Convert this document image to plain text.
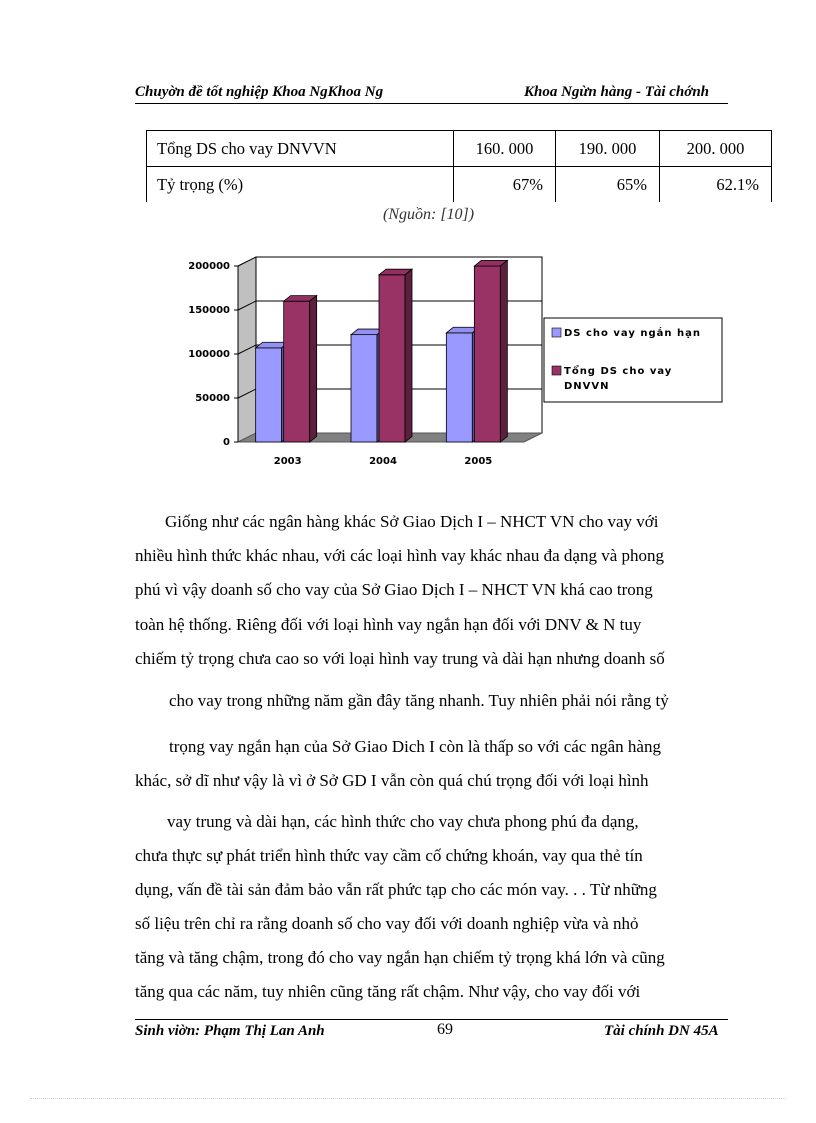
Chuyờn đề tốt nghiệp Khoa NgKhoa Ng	Khoa Ngừn hàng - Tài chớnh
Tổng DS cho vay DNVVN	160. 000	190. 000	200. 000
Tỷ trọng (%)	67%	65%	62.1%
(Nguồn: [10])
0
50000
100000
150000
200000
2003	2004	2005
DS cho vay ngắn hạn
Tổng DS cho vay
DNVVN
Giống như các ngân hàng khác Sở Giao Dịch I – NHCT VN cho vay với
nhiều hình thức khác nhau, với các loại hình vay khác nhau đa dạng và phong
phú vì vậy doanh số cho vay của Sở Giao Dịch I – NHCT VN khá cao trong
toàn hệ thống. Riêng đối với loại hình vay ngắn hạn đối với DNV & N tuy
chiếm tỷ trọng chưa cao so với loại hình vay trung và dài hạn nhưng doanh số
cho vay trong những năm gần đây tăng nhanh. Tuy nhiên phải nói rằng tỷ
trọng vay ngắn hạn của Sở Giao Dich I còn là thấp so với các ngân hàng
khác, sở dĩ như vậy là vì ở Sở GD I vẫn còn quá chú trọng đối với loại hình
vay trung và dài hạn, các hình thức cho vay chưa phong phú đa dạng,
chưa thực sự phát triển hình thức vay cầm cố chứng khoán, vay qua thẻ tín
dụng, vấn đề tài sản đảm bảo vẫn rất phức tạp cho các món vay. . . Từ những
số liệu trên chỉ ra rằng doanh số cho vay đối với doanh nghiệp vừa và nhỏ
tăng và tăng chậm, trong đó cho vay ngắn hạn chiếm tỷ trọng khá lớn và cũng
tăng qua các năm, tuy nhiên cũng tăng rất chậm. Như vậy, cho vay đối với
Sinh viờn: Phạm Thị Lan Anh	69	Tài chính DN 45A
